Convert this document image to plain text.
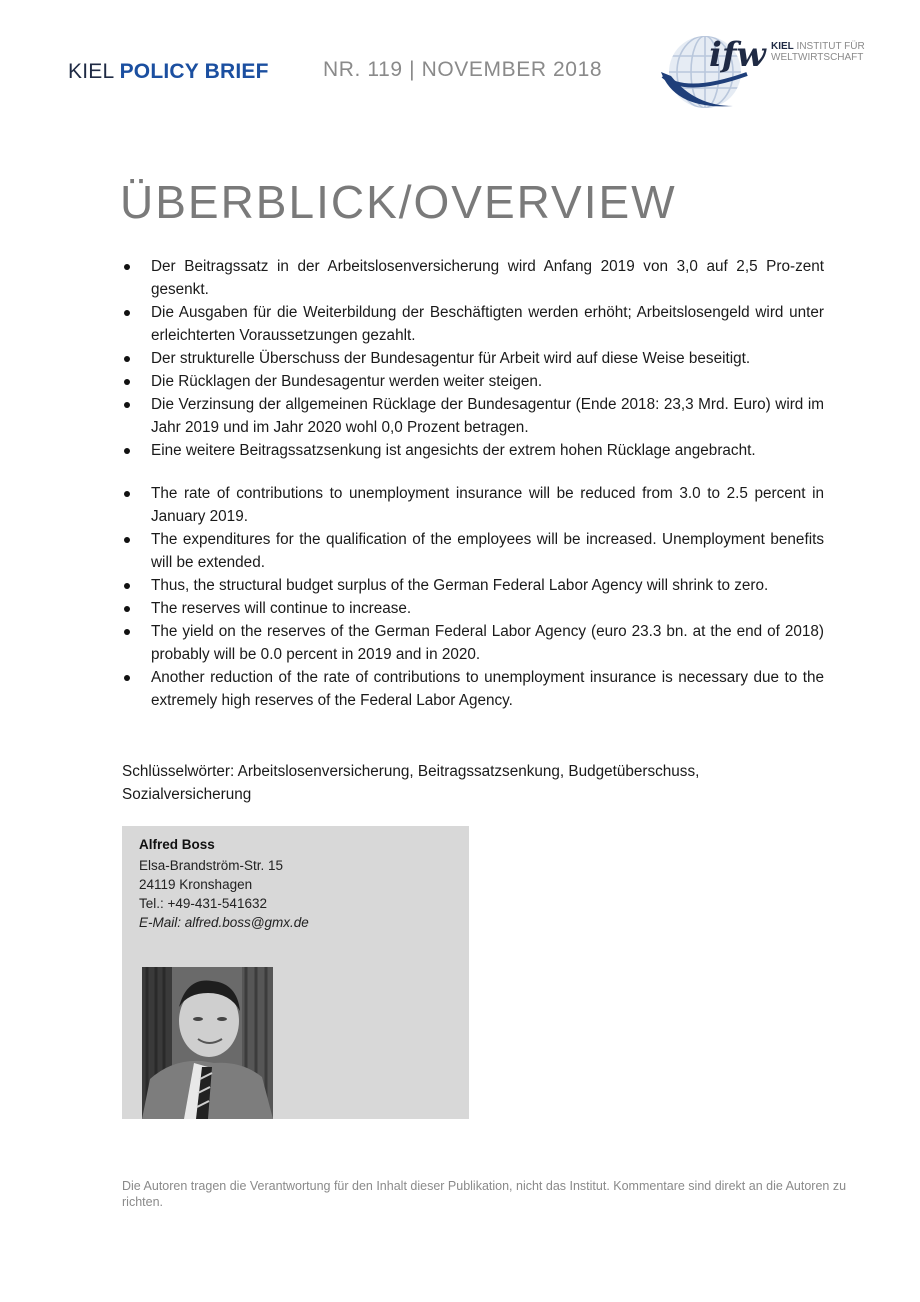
KIEL POLICY BRIEF	NR. 119 | NOVEMBER 2018	ifw KIEL INSTITUT FÜR
WELTWIRTSCHAFT
ÜBERBLICK/OVERVIEW
Der Beitragssatz in der Arbeitslosenversicherung wird Anfang 2019 von 3,0 auf 2,5 Pro-zent gesenkt.
Die Ausgaben für die Weiterbildung der Beschäftigten werden erhöht; Arbeitslosengeld wird unter erleichterten Voraussetzungen gezahlt.
Der strukturelle Überschuss der Bundesagentur für Arbeit wird auf diese Weise beseitigt.
Die Rücklagen der Bundesagentur werden weiter steigen.
Die Verzinsung der allgemeinen Rücklage der Bundesagentur (Ende 2018: 23,3 Mrd. Euro) wird im Jahr 2019 und im Jahr 2020 wohl 0,0 Prozent betragen.
Eine weitere Beitragssatzsenkung ist angesichts der extrem hohen Rücklage angebracht.
The rate of contributions to unemployment insurance will be reduced from 3.0 to 2.5 percent in January 2019.
The expenditures for the qualification of the employees will be increased. Unemployment benefits will be extended.
Thus, the structural budget surplus of the German Federal Labor Agency will shrink to zero.
The reserves will continue to increase.
The yield on the reserves of the German Federal Labor Agency (euro 23.3 bn. at the end of 2018) probably will be 0.0 percent in 2019 and in 2020.
Another reduction of the rate of contributions to unemployment insurance is necessary due to the extremely high reserves of the Federal Labor Agency.
Schlüsselwörter: Arbeitslosenversicherung, Beitragssatzsenkung, Budgetüberschuss, Sozialversicherung
Alfred Boss
Elsa-Brandström-Str. 15
24119 Kronshagen
Tel.: +49-431-541632
E-Mail: alfred.boss@gmx.de
Die Autoren tragen die Verantwortung für den Inhalt dieser Publikation, nicht das Institut. Kommentare sind direkt an die Autoren zu richten.
